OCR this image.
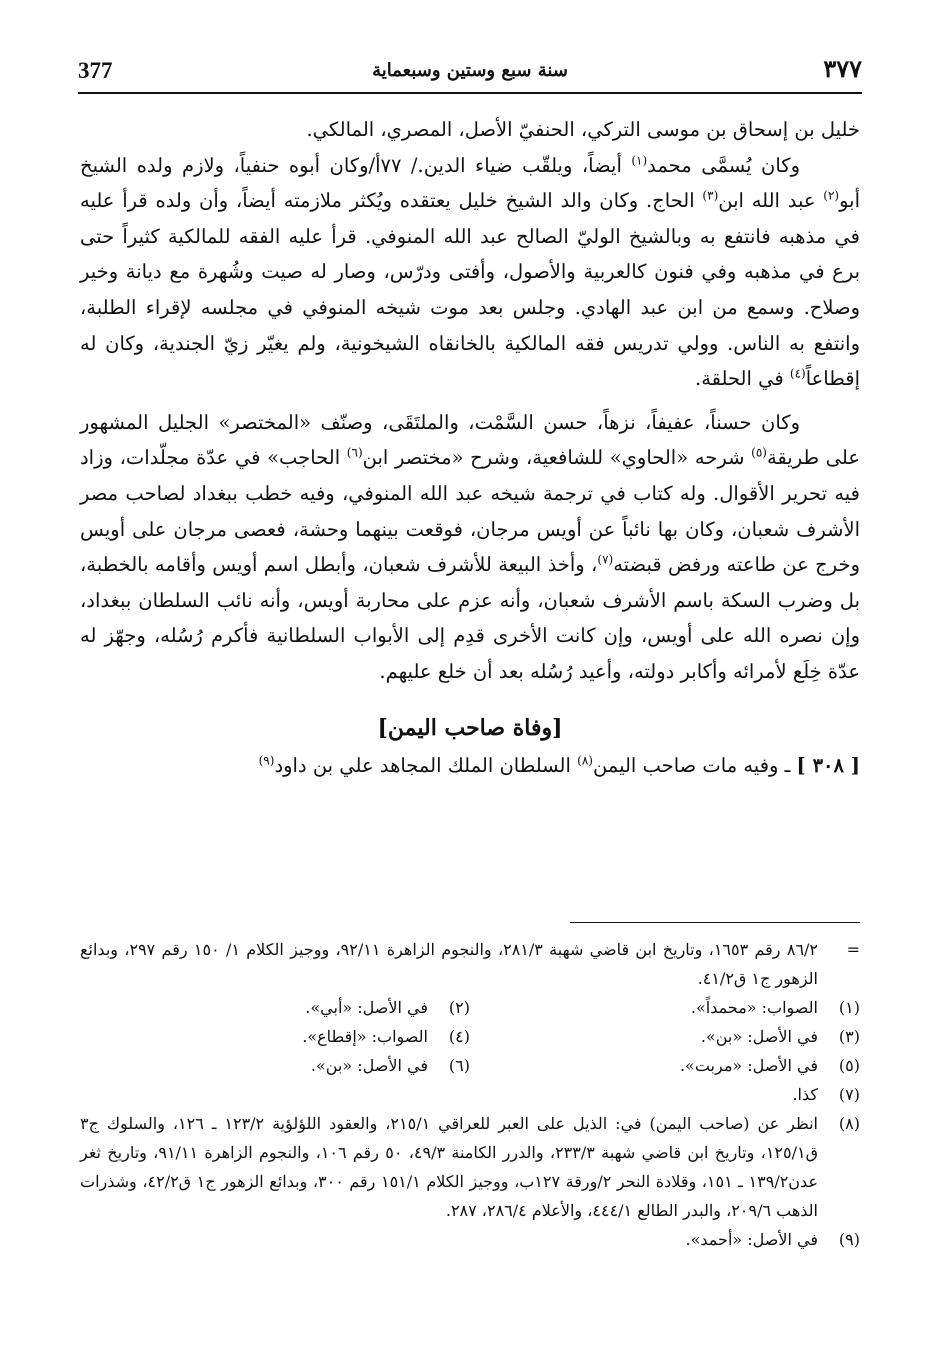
377	سنة سبع وستين وسبعماية	٣٧٧

خليل بن إسحاق بن موسى التركي، الحنفيّ الأصل، المصري، المالكي.

وكان يُسمَّى محمد$^{(١)}$ أيضاً، ويلقّب ضياء الدين./ ٧٧أ/وكان أبوه حنفياً، ولازم ولده الشيخ أبو$^{(٢)}$ عبد الله ابن$^{(٣)}$ الحاج. وكان والد الشيخ خليل يعتقده ويُكثر ملازمته أيضاً، وأن ولده قرأ عليه في مذهبه فانتفع به وبالشيخ الوليّ الصالح عبد الله المنوفي. قرأ عليه الفقه للمالكية كثيراً حتى برع في مذهبه وفي فنون كالعربية والأصول، وأفتى ودرّس، وصار له صيت وشُهرة مع ديانة وخير وصلاح. وسمع من ابن عبد الهادي. وجلس بعد موت شيخه المنوفي في مجلسه لإقراء الطلبة، وانتفع به الناس. وولي تدريس فقه المالكية بالخانقاه الشيخونية، ولم يغيّر زيّ الجندية، وكان له إقطاعاً$^{(٤)}$ في الحلقة.

وكان حسناً، عفيفاً، نزهاً، حسن السَّمْت، والملتَقَى، وصنّف «المختصر» الجليل المشهور على طريقة$^{(٥)}$ شرحه «الحاوي» للشافعية، وشرح «مختصر ابن$^{(٦)}$ الحاجب» في عدّة مجلّدات، وزاد فيه تحرير الأقوال. وله كتاب في ترجمة شيخه عبد الله المنوفي، وفيه خطب ببغداد لصاحب مصر الأشرف شعبان، وكان بها نائباً عن أويس مرجان، فوقعت بينهما وحشة، فعصى مرجان على أويس وخرج عن طاعته ورفض قبضته$^{(٧)}$، وأخذ البيعة للأشرف شعبان، وأبطل اسم أويس وأقامه بالخطبة، بل وضرب السكة باسم الأشرف شعبان، وأنه عزم على محاربة أويس، وأنه نائب السلطان ببغداد، وإن نصره الله على أويس، وإن كانت الأخرى قدِم إلى الأبواب السلطانية فأكرم رُسُله، وجهّز له عدّة خِلَع لأمرائه وأكابر دولته، وأعيد رُسُله بعد أن خلع عليهم.

[وفاة صاحب اليمن]

[ ٣٠٨ ] ـ وفيه مات صاحب اليمن$^{(٨)}$ السلطان الملك المجاهد علي بن داود$^{(٩)}$

=
٨٦/٢ رقم ١٦٥٣، وتاريخ ابن قاضي شهبة ٢٨١/٣، والنجوم الزاهرة ٩٢/١١، ووجيز الكلام ١/ ١٥٠ رقم ٢٩٧، وبدائع الزهور ج١ ق٤١/٢.
(١)
الصواب: «محمداً».
(٢)
في الأصل: «أبي».
(٣)
في الأصل: «بن».
(٤)
الصواب: «إقطاع».
(٥)
في الأصل: «مربت».
(٦)
في الأصل: «بن».
(٧)
كذا.
(٨)
انظر عن (صاحب اليمن) في: الذيل على العبر للعراقي ٢١٥/١، والعقود اللؤلؤية ١٢٣/٢ ـ ١٢٦، والسلوك ج٣ ق١٢٥/١، وتاريخ ابن قاضي شهبة ٢٣٣/٣، والدرر الكامنة ٤٩/٣، ٥٠ رقم ١٠٦، والنجوم الزاهرة ٩١/١١، وتاريخ ثغر عدن١٣٩/٢ ـ ١٥١، وقلادة النحر ٢/ورقة ١٢٧ب، ووجيز الكلام ١٥١/١ رقم ٣٠٠، وبدائع الزهور ج١ ق٤٢/٢، وشذرات الذهب ٢٠٩/٦، والبدر الطالع ٤٤٤/١، والأعلام ٢٨٦/٤، ٢٨٧.
(٩)
في الأصل: «أحمد».
